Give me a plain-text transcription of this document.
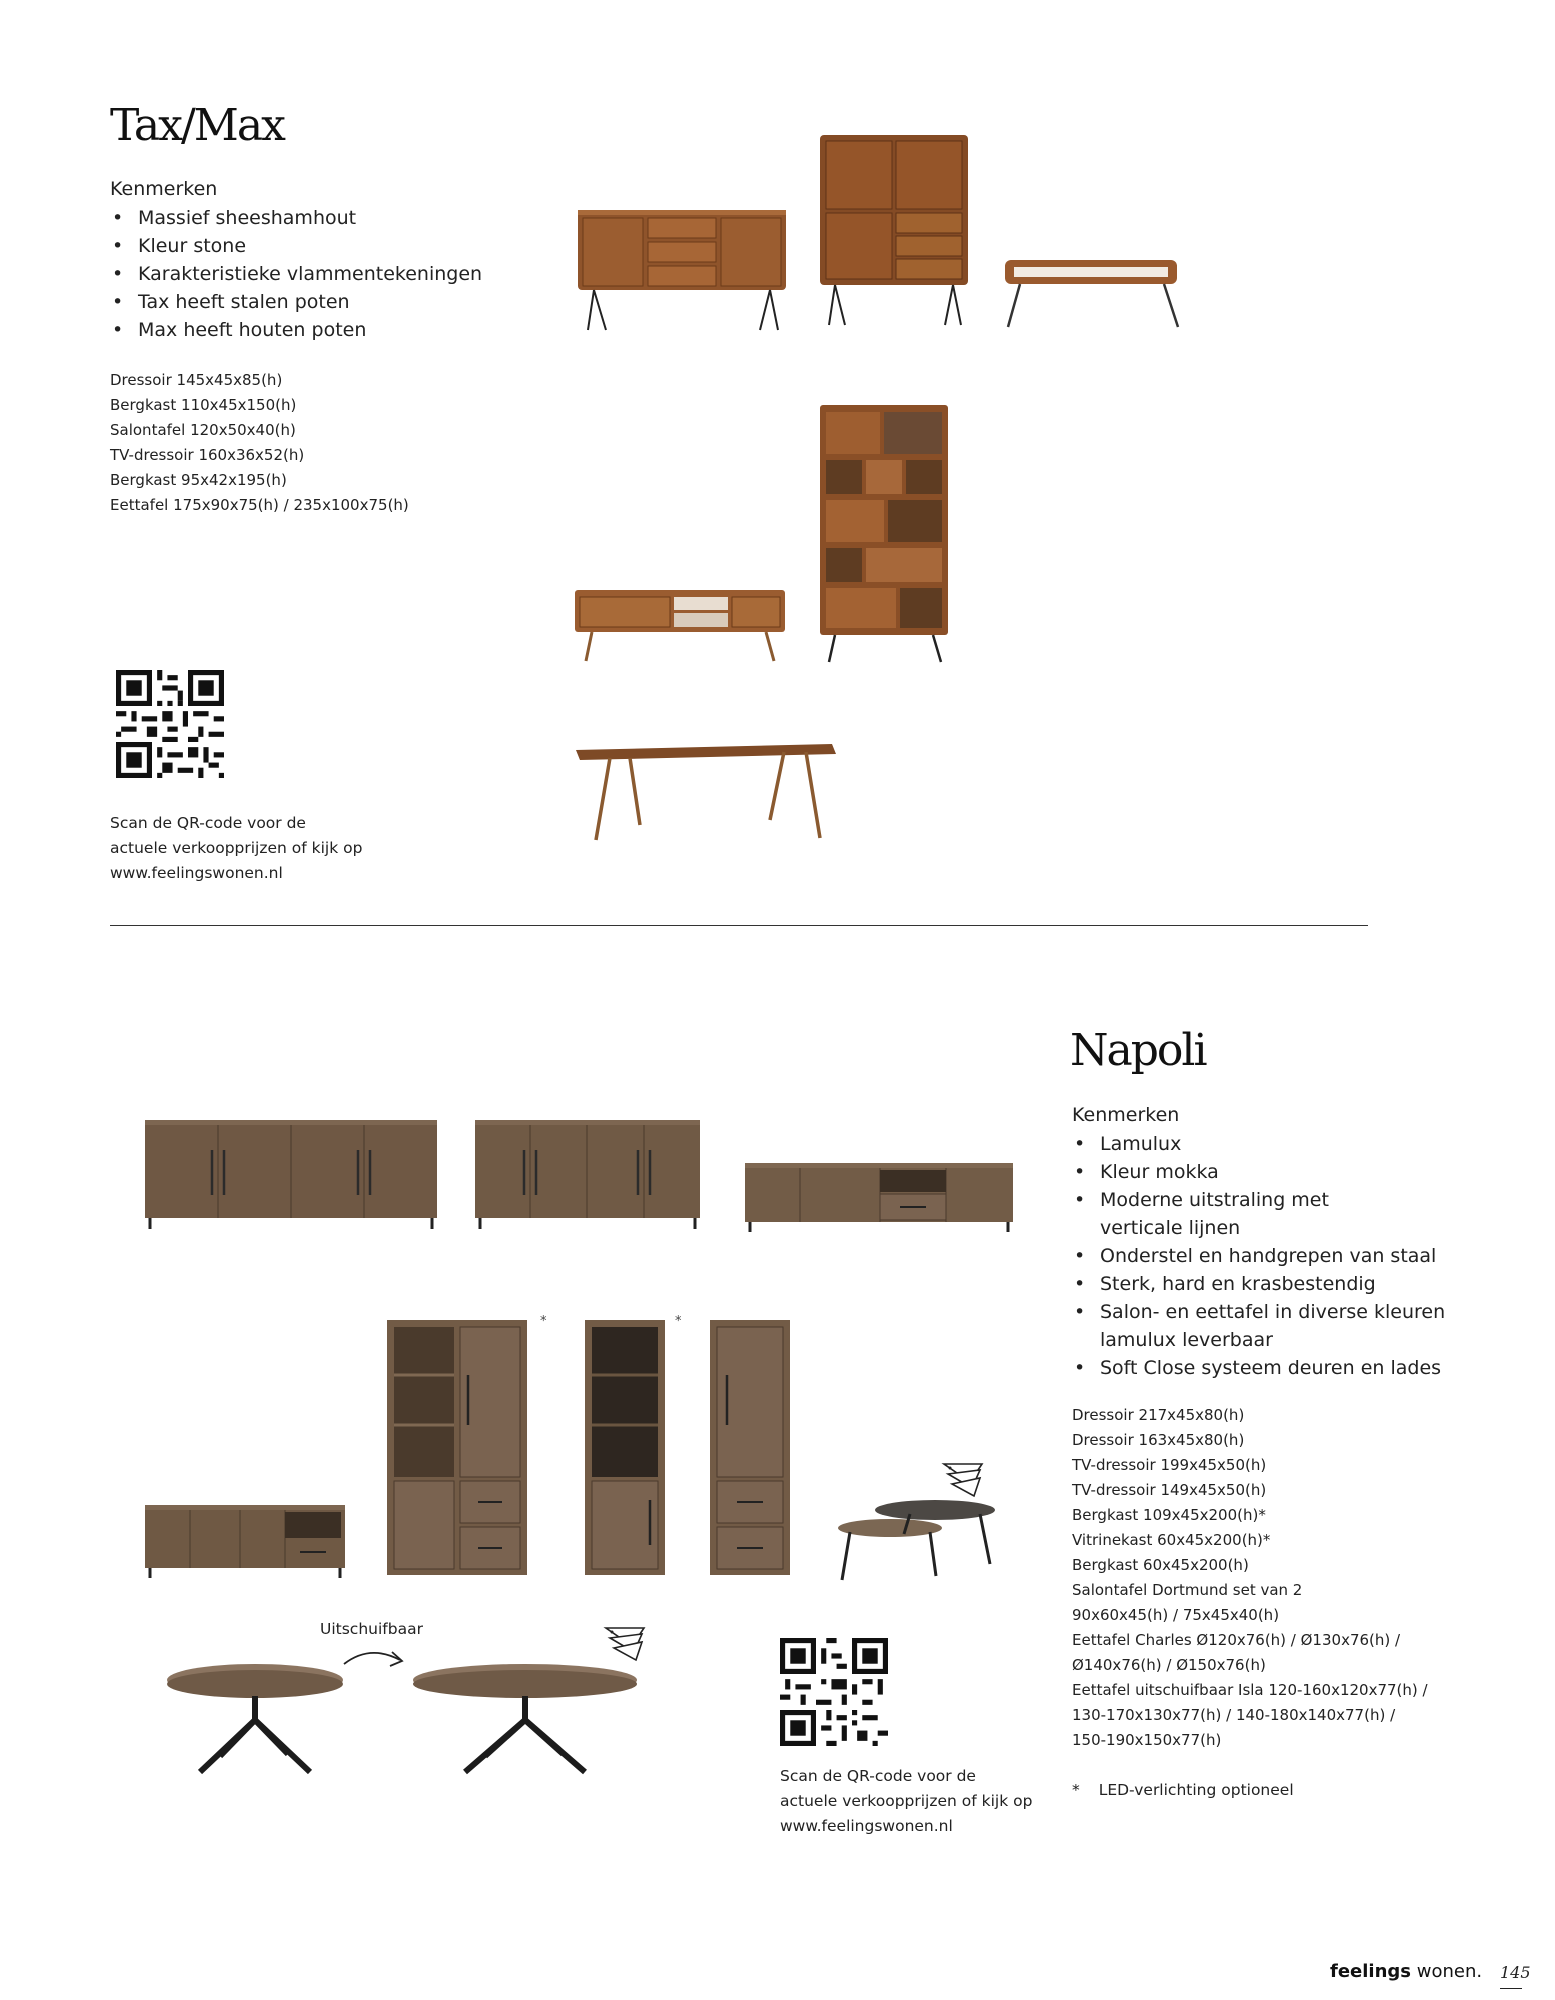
Tax/Max
Kenmerken
• Massief sheeshamhout
• Kleur stone
• Karakteristieke vlammentekeningen
• Tax heeft stalen poten
• Max heeft houten poten
Dressoir 145x45x85(h)
Bergkast 110x45x150(h)
Salontafel 120x50x40(h)
TV-dressoir 160x36x52(h)
Bergkast 95x42x195(h)
Eettafel 175x90x75(h) / 235x100x75(h)
Scan de QR-code voor de
actuele verkoopprijzen of kijk op
www.feelingswonen.nl
Napoli
Kenmerken
• Lamulux
• Kleur mokka
• Moderne uitstraling met
verticale lijnen
• Onderstel en handgrepen van staal
• Sterk, hard en krasbestendig
• Salon- en eettafel in diverse kleuren
lamulux leverbaar
• Soft Close systeem deuren en lades
Dressoir 217x45x80(h)
Dressoir 163x45x80(h)
TV-dressoir 199x45x50(h)
TV-dressoir 149x45x50(h)
Bergkast 109x45x200(h)*
Vitrinekast 60x45x200(h)*
Bergkast 60x45x200(h)
Salontafel Dortmund set van 2
90x60x45(h) / 75x45x40(h)
Eettafel Charles Ø120x76(h) / Ø130x76(h) /
Ø140x76(h) / Ø150x76(h)
Eettafel uitschuifbaar Isla 120-160x120x77(h) /
130-170x130x77(h) / 140-180x140x77(h) /
150-190x150x77(h)
* LED-verlichting optioneel
Scan de QR-code voor de
actuele verkoopprijzen of kijk op
www.feelingswonen.nl
*	*
Uitschuifbaar
feelings wonen. 145
